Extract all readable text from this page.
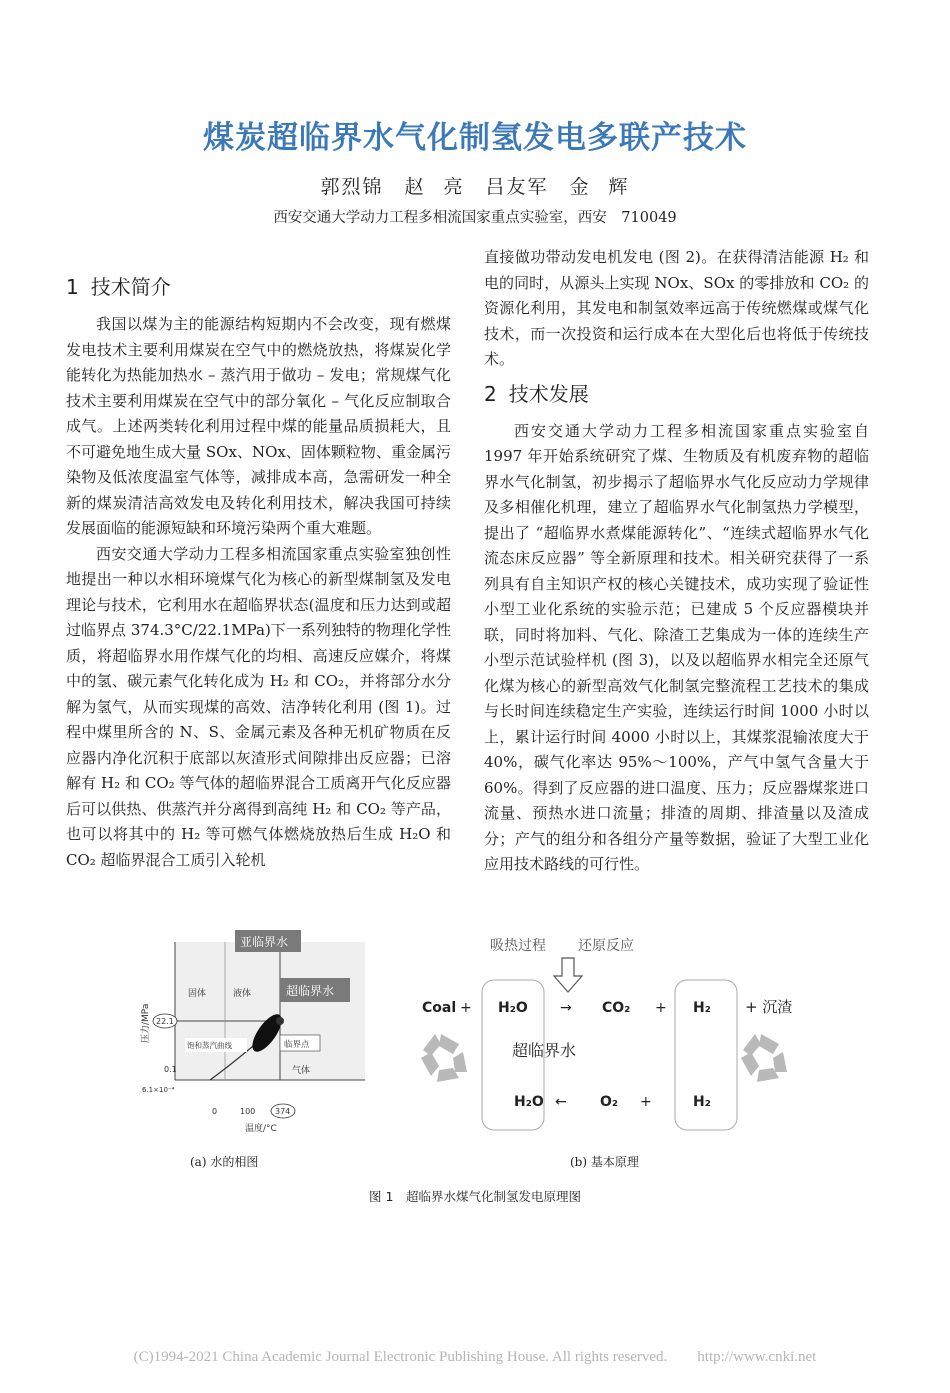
煤炭超临界水气化制氢发电多联产技术
郭烈锦　赵 亮　吕友军　金 辉
西安交通大学动力工程多相流国家重点实验室，西安　710049
1 技术简介

我国以煤为主的能源结构短期内不会改变，现有燃煤发电技术主要利用煤炭在空气中的燃烧放热，将煤炭化学能转化为热能加热水 – 蒸汽用于做功 – 发电；常规煤气化技术主要利用煤炭在空气中的部分氧化 – 气化反应制取合成气。上述两类转化利用过程中煤的能量品质损耗大，且不可避免地生成大量 SOx、NOx、固体颗粒物、重金属污染物及低浓度温室气体等，减排成本高，急需研发一种全新的煤炭清洁高效发电及转化利用技术，解决我国可持续发展面临的能源短缺和环境污染两个重大难题。

西安交通大学动力工程多相流国家重点实验室独创性地提出一种以水相环境煤气化为核心的新型煤制氢及发电理论与技术，它利用水在超临界状态(温度和压力达到或超过临界点 374.3°C/22.1MPa)下一系列独特的物理化学性质，将超临界水用作煤气化的均相、高速反应媒介，将煤中的氢、碳元素气化转化成为 H₂ 和 CO₂，并将部分水分解为氢气，从而实现煤的高效、洁净转化利用 (图 1)。过程中煤里所含的 N、S、金属元素及各种无机矿物质在反应器内净化沉积于底部以灰渣形式间隙排出反应器；已溶解有 H₂ 和 CO₂ 等气体的超临界混合工质离开气化反应器后可以供热、供蒸汽并分离得到高纯 H₂ 和 CO₂ 等产品，也可以将其中的 H₂ 等可燃气体燃烧放热后生成 H₂O 和 CO₂ 超临界混合工质引入轮机

直接做功带动发电机发电 (图 2)。在获得清洁能源 H₂ 和电的同时，从源头上实现 NOx、SOx 的零排放和 CO₂ 的资源化利用，其发电和制氢效率远高于传统燃煤或煤气化技术，而一次投资和运行成本在大型化后也将低于传统技术。

2 技术发展

西安交通大学动力工程多相流国家重点实验室自 1997 年开始系统研究了煤、生物质及有机废弃物的超临界水气化制氢，初步揭示了超临界水气化反应动力学规律及多相催化机理，建立了超临界水气化制氢热力学模型，提出了 “超临界水煮煤能源转化”、“连续式超临界水气化流态床反应器” 等全新原理和技术。相关研究获得了一系列具有自主知识产权的核心关键技术，成功实现了验证性小型工业化系统的实验示范；已建成 5 个反应器模块并联，同时将加料、气化、除渣工艺集成为一体的连续生产小型示范试验样机 (图 3)，以及以超临界水相完全还原气化煤为核心的新型高效气化制氢完整流程工艺技术的集成与长时间连续稳定生产实验，连续运行时间 1000 小时以上，累计运行时间 4000 小时以上，其煤浆混输浓度大于 40%，碳气化率达 95%～100%，产气中氢气含量大于 60%。得到了反应器的进口温度、压力；反应器煤浆进口流量、预热水进口流量；排渣的周期、排渣量以及渣成分；产气的组分和各组分产量等数据，验证了大型工业化应用技术路线的可行性。

亚临界水
超临界水
固体	液体
气体
饱和蒸汽曲线	临界点
压力/MPa 22.1
0.1
6.1×10⁻⁴
0	100 374
温度/°C
吸热过程 还原反应
Coal + H₂O → CO₂ + H₂ + 沉渣
超临界水
H₂O ← O₂ +	H₂
(a) 水的相图	(b) 基本原理
图 1　超临界水煤气化制氢发电原理图
(C)1994-2021 China Academic Journal Electronic Publishing House. All rights reserved.　　http://www.cnki.net
